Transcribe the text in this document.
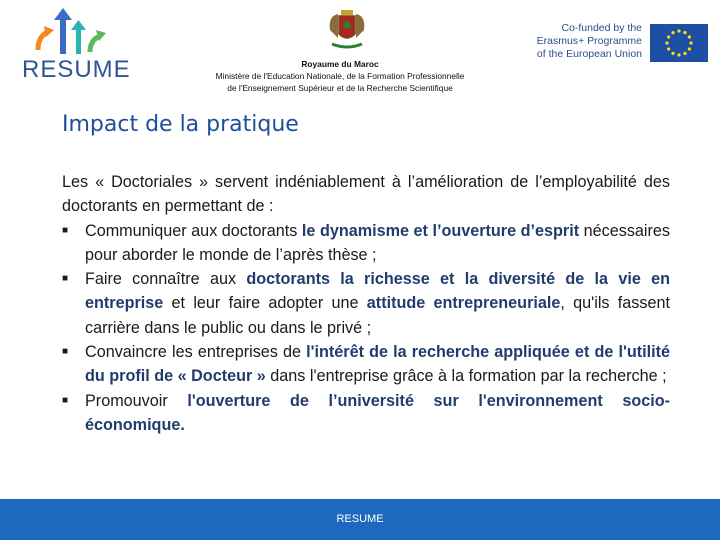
RESUME	Royaume du Maroc
Ministère de l'Education Nationale, de la Formation Professionnelle
de l'Enseignement Supérieur et de la Recherche Scientifique
Co-funded by the
Erasmus+ Programme
of the European Union
Impact de la pratique

Les « Doctoriales » servent indéniablement à l’amélioration de l’employabilité des doctorants en permettant de :

■ Communiquer aux doctorants le dynamisme et l’ouverture d’esprit nécessaires pour aborder le monde de l’après thèse ;
■ Faire connaître aux doctorants la richesse et la diversité de la vie en entreprise et leur faire adopter une attitude entrepreneuriale, qu'ils fassent carrière dans le public ou dans le privé ;
■ Convaincre les entreprises de l'intérêt de la recherche appliquée et de l'utilité du profil de « Docteur » dans l'entreprise grâce à la formation par la recherche ;
■ Promouvoir l'ouverture de l’université sur l'environnement socio-économique.
RESUME
